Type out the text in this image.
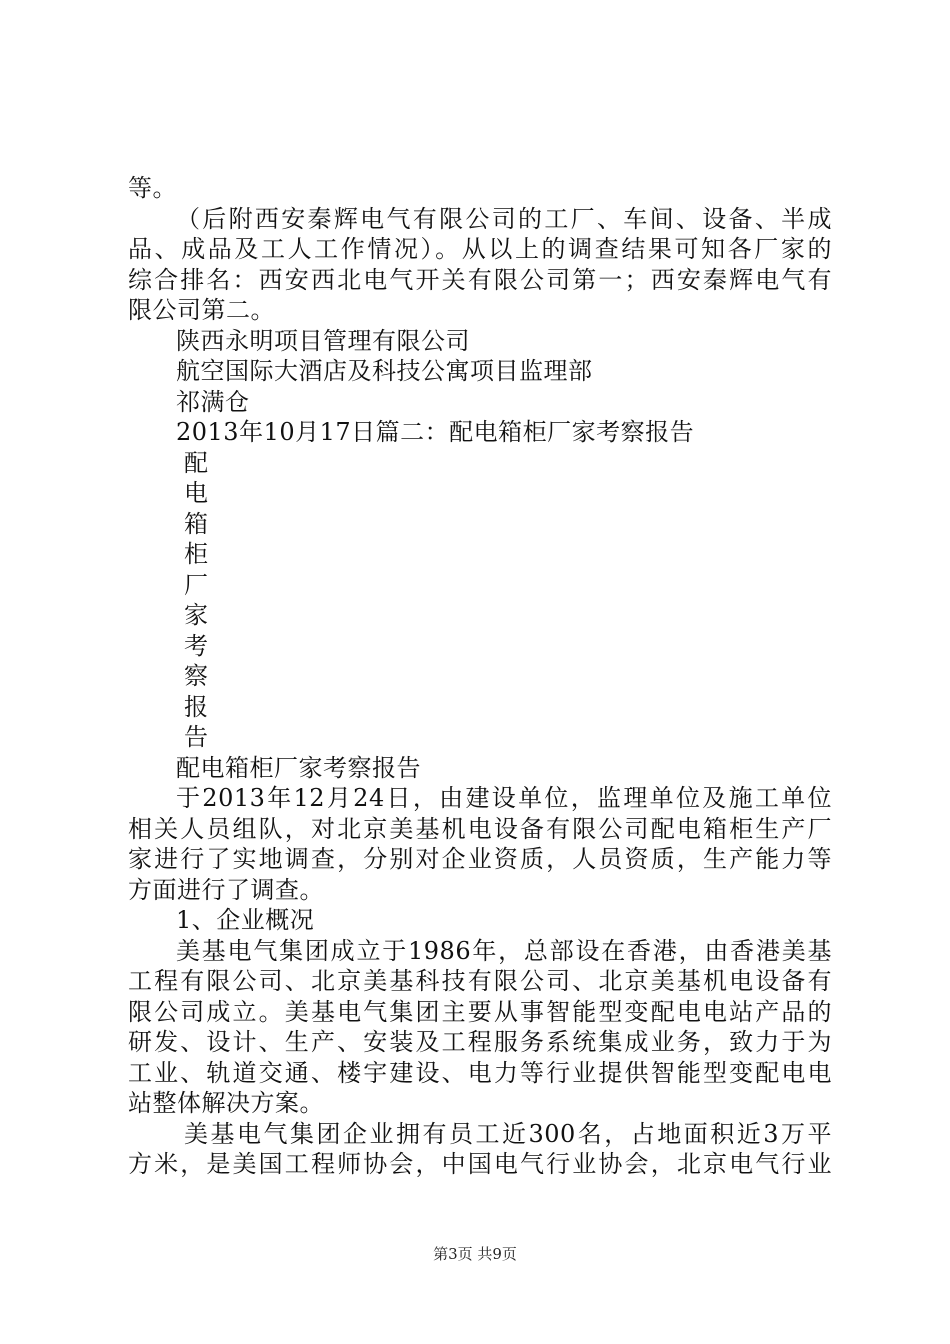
等。
（后附西安秦辉电气有限公司的工厂、车间、设备、半成
品、成品及工人工作情况）。从以上的调查结果可知各厂家的
综合排名：西安西北电气开关有限公司第一；西安秦辉电气有
限公司第二。
陕西永明项目管理有限公司
航空国际大酒店及科技公寓项目监理部
祁满仓
2013年10月17日篇二：配电箱柜厂家考察报告
配
电
箱
柜
厂
家
考
察
报
告
配电箱柜厂家考察报告
于2013年12月24日，由建设单位，监理单位及施工单位
相关人员组队，对北京美基机电设备有限公司配电箱柜生产厂
家进行了实地调查，分别对企业资质，人员资质，生产能力等
方面进行了调查。
1、企业概况
美基电气集团成立于1986年，总部设在香港，由香港美基
工程有限公司、北京美基科技有限公司、北京美基机电设备有
限公司成立。美基电气集团主要从事智能型变配电电站产品的
研发、设计、生产、安装及工程服务系统集成业务，致力于为
工业、轨道交通、楼宇建设、电力等行业提供智能型变配电电
站整体解决方案。
美基电气集团企业拥有员工近300名，占地面积近3万平
方米，是美国工程师协会，中国电气行业协会，北京电气行业
第3页 共9页
